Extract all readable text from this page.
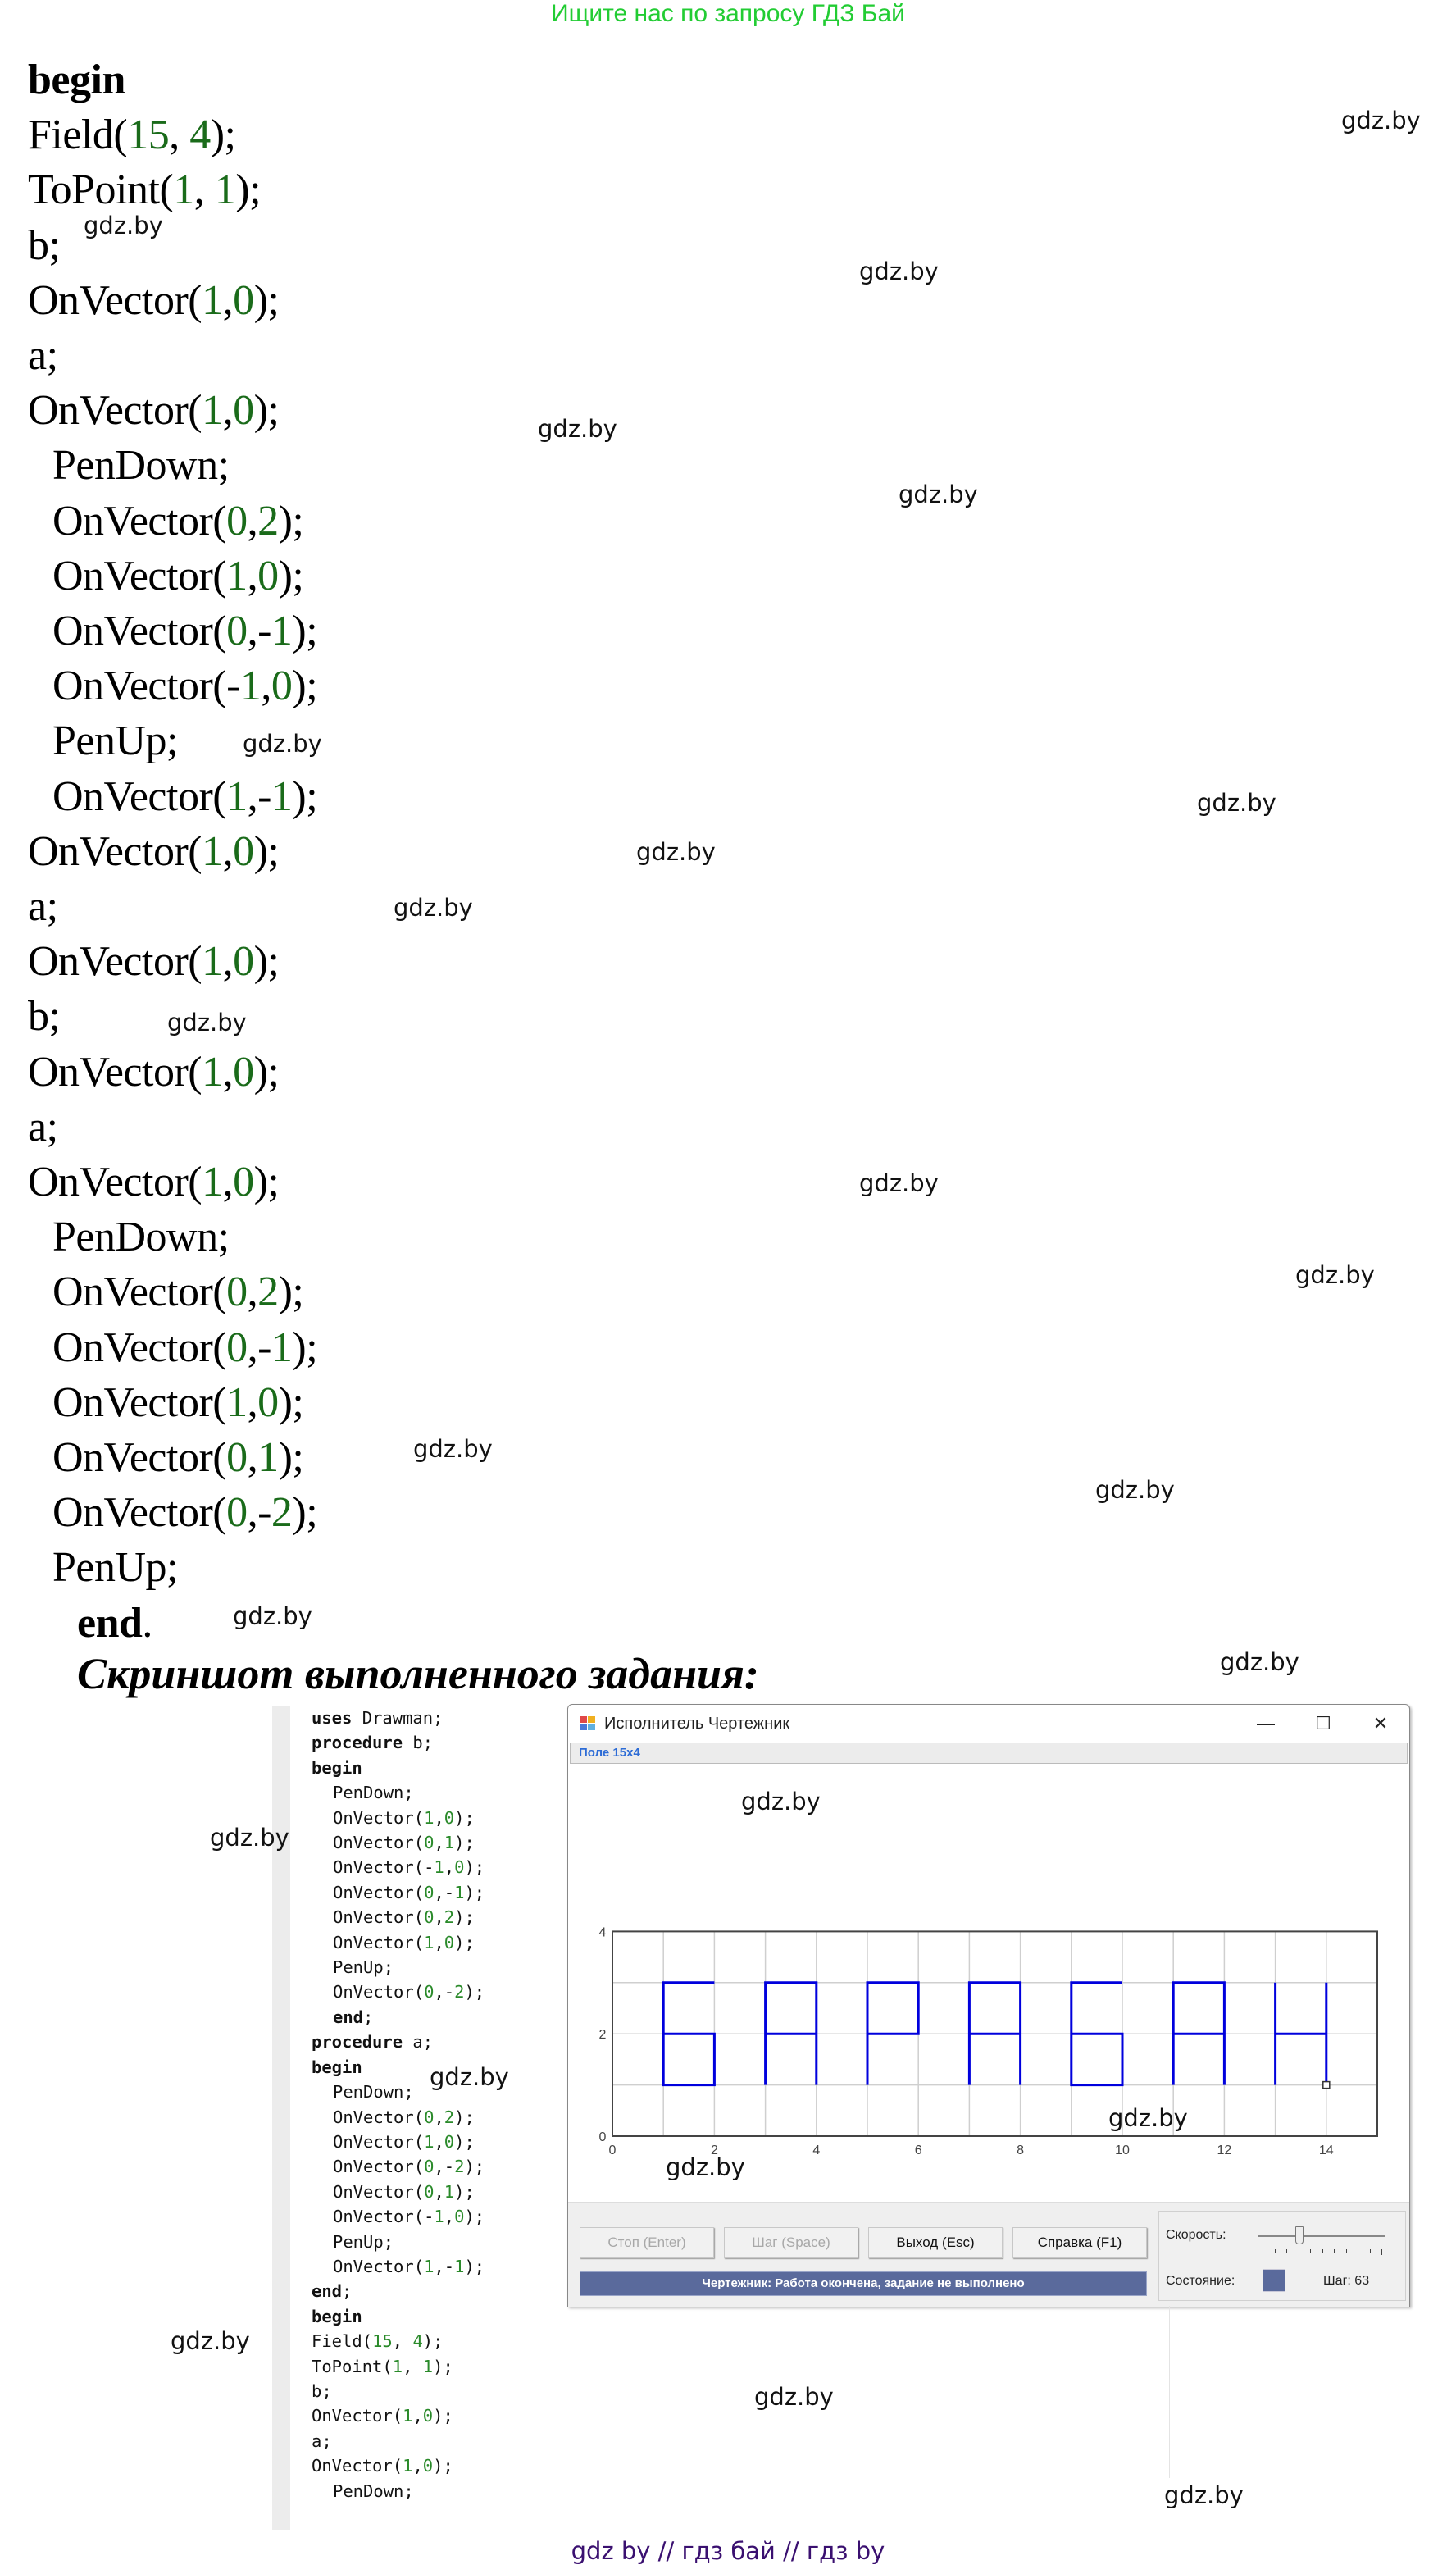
Ищите нас по запросу ГДЗ Бай
begin
Field(15, 4);
ToPoint(1, 1);
b;
OnVector(1,0);
a;
OnVector(1,0);
PenDown;
OnVector(0,2);
OnVector(1,0);
OnVector(0,-1);
OnVector(-1,0);
PenUp;
OnVector(1,-1);
OnVector(1,0);
a;
OnVector(1,0);
b;
OnVector(1,0);
a;
OnVector(1,0);
PenDown;
OnVector(0,2);
OnVector(0,-1);
OnVector(1,0);
OnVector(0,1);
OnVector(0,-2);
PenUp;
end.
Скриншот выполненного задания:
uses Drawman;
procedure b;
begin
PenDown;
OnVector(1,0);
OnVector(0,1);
OnVector(-1,0);
OnVector(0,-1);
OnVector(0,2);
OnVector(1,0);
PenUp;
OnVector(0,-2);
end;
procedure a;
begin
PenDown;
OnVector(0,2);
OnVector(1,0);
OnVector(0,-2);
OnVector(0,1);
OnVector(-1,0);
PenUp;
OnVector(1,-1);
end;
begin
Field(15, 4);
ToPoint(1, 1);
b;
OnVector(1,0);
a;
OnVector(1,0);
PenDown;
Исполнитель Чертежник	—	☐	✕
Поле 15x4
0	2	4	6	8	10	12	14
0
2
4
Стоп (Enter)	Шаг (Space)	Выход (Esc)	Справка (F1)
Чертежник: Работа окончена, задание не выполнено
Скорость:
Состояние:	Шаг: 63
gdz.by
gdz.by
gdz.by
gdz.by
gdz.by
gdz.by
gdz.by
gdz.by
gdz.by
gdz.by
gdz.by
gdz.by
gdz.by
gdz.by
gdz.by
gdz.by
gdz.by
gdz.by
gdz.by
gdz.by
gdz.by
gdz.by
gdz.by
gdz.by
gdz by // гдз бай // гдз by
